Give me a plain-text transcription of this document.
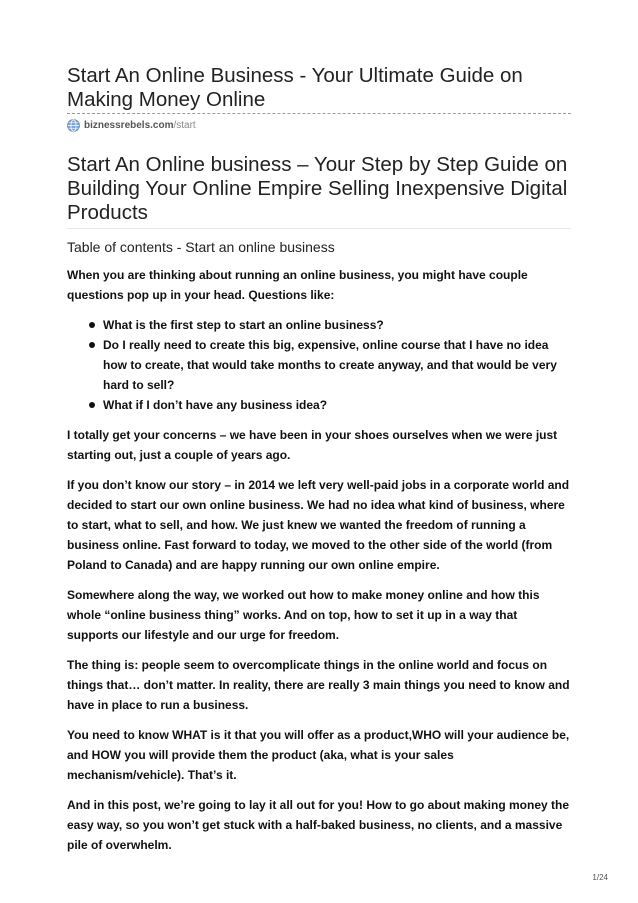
Start An Online Business - Your Ultimate Guide on Making Money Online
biznessrebels.com /start
Start An Online business – Your Step by Step Guide on Building Your Online Empire Selling Inexpensive Digital Products
Table of contents - Start an online business

When you are thinking about running an online business, you might have couple questions pop up in your head. Questions like:

What is the first step to start an online business?
Do I really need to create this big, expensive, online course that I have no idea how to create, that would take months to create anyway, and that would be very hard to sell?
What if I don’t have any business idea?

I totally get your concerns – we have been in your shoes ourselves when we were just starting out, just a couple of years ago.

If you don’t know our story – in 2014 we left very well-paid jobs in a corporate world and decided to start our own online business. We had no idea what kind of business, where to start, what to sell, and how. We just knew we wanted the freedom of running a business online. Fast forward to today, we moved to the other side of the world (from Poland to Canada) and are happy running our own online empire.

Somewhere along the way, we worked out how to make money online and how this whole “online business thing” works. And on top, how to set it up in a way that supports our lifestyle and our urge for freedom.

The thing is: people seem to overcomplicate things in the online world and focus on things that… don’t matter. In reality, there are really 3 main things you need to know and have in place to run a business.

You need to know WHAT is it that you will offer as a product,WHO will your audience be, and HOW you will provide them the product (aka, what is your sales mechanism/vehicle). That’s it.

And in this post, we’re going to lay it all out for you! How to go about making money the easy way, so you won’t get stuck with a half-baked business, no clients, and a massive pile of overwhelm.

1/24
